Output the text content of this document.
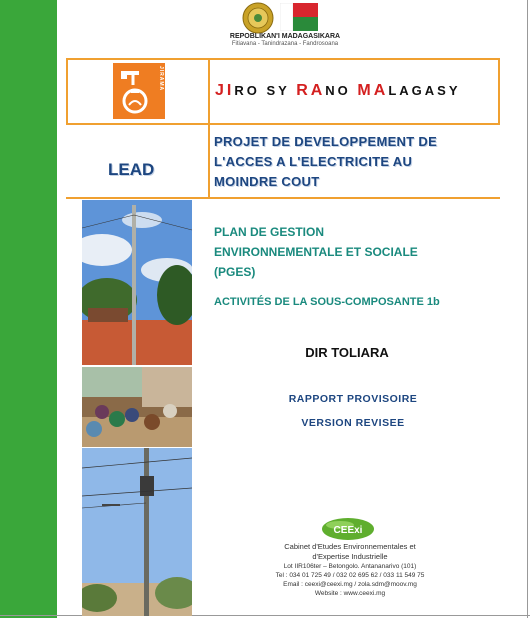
REPOBLIKAN'I MADAGASIKARA
Fitiavana - Tanindrazana - Fandrosoana
JIRAMA	JIRO SY RANO MALAGASY
LEAD
PROJET DE DEVELOPPEMENT DE
L'ACCES A L'ELECTRICITE AU
MOINDRE COUT
PLAN DE GESTION
ENVIRONNEMENTALE ET SOCIALE
(PGES)
ACTIVITÉS DE LA SOUS-COMPOSANTE 1b
DIR TOLIARA
RAPPORT PROVISOIRE
VERSION REVISEE
CEExi
Cabinet d'Etudes Environnementales et
d'Expertise Industrielle
Lot IIR106ter – Betongolo. Antananarivo (101)
Tel : 034 01 725 49 / 032 02 695 62 / 033 11 549 75
Email : ceexi@ceexi.mg / zola.sdm@moov.mg
Website : www.ceexi.mg
